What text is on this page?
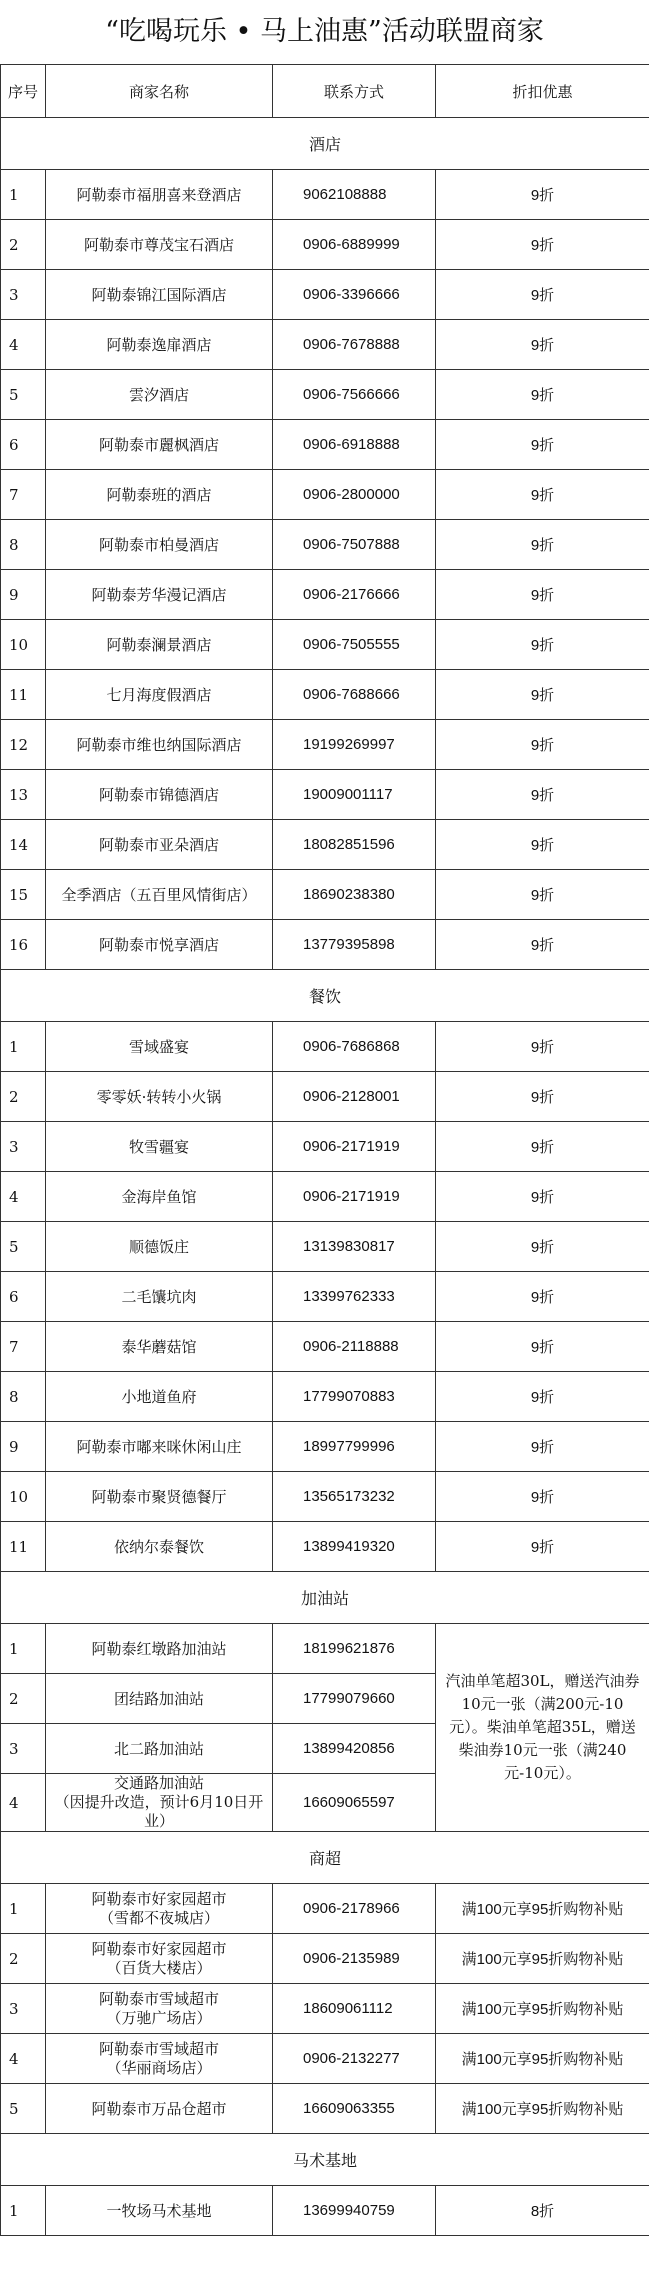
“吃喝玩乐 • 马上油惠”活动联盟商家
序号	商家名称	联系方式	折扣优惠
酒店			
1	阿勒泰市福朋喜来登酒店	9062108888	9折
2	阿勒泰市尊茂宝石酒店	0906-6889999	9折
3	阿勒泰锦江国际酒店	0906-3396666	9折
4	阿勒泰逸扉酒店	0906-7678888	9折
5	雲汐酒店	0906-7566666	9折
6	阿勒泰市麗枫酒店	0906-6918888	9折
7	阿勒泰班的酒店	0906-2800000	9折
8	阿勒泰市柏曼酒店	0906-7507888	9折
9	阿勒泰芳华漫记酒店	0906-2176666	9折
10	阿勒泰澜景酒店	0906-7505555	9折
11	七月海度假酒店	0906-7688666	9折
12	阿勒泰市维也纳国际酒店	19199269997	9折
13	阿勒泰市锦德酒店	19009001117	9折
14	阿勒泰市亚朵酒店	18082851596	9折
15	全季酒店（五百里风情街店）	18690238380	9折
16	阿勒泰市悦享酒店	13779395898	9折
餐饮			
1	雪域盛宴	0906-7686868	9折
2	零零妖·转转小火锅	0906-2128001	9折
3	牧雪疆宴	0906-2171919	9折
4	金海岸鱼馆	0906-2171919	9折
5	顺德饭庄	13139830817	9折
6	二毛馕坑肉	13399762333	9折
7	泰华蘑菇馆	0906-2118888	9折
8	小地道鱼府	17799070883	9折
9	阿勒泰市嘟来咪休闲山庄	18997799996	9折
10	阿勒泰市聚贤德餐厅	13565173232	9折
11	依纳尔泰餐饮	13899419320	9折
加油站			
1	阿勒泰红墩路加油站	18199621876	汽油单笔超30L，赠送汽油券10元一张（满200元-10元）。柴油单笔超35L，赠送柴油券10元一张（满240元-10元）。

2	团结路加油站	17799079660	
3	北二路加油站	13899420856	
4	交通路加油站
（因提升改造，预计6月10日开业）	16609065597	
商超			
1	阿勒泰市好家园超市
（雪都不夜城店）	0906-2178966	满100元享95折购物补贴
2	阿勒泰市好家园超市
（百货大楼店）	0906-2135989	满100元享95折购物补贴
3	阿勒泰市雪域超市
（万驰广场店）	18609061112	满100元享95折购物补贴
4	阿勒泰市雪域超市
（华丽商场店）	0906-2132277	满100元享95折购物补贴
5	阿勒泰市万品仓超市	16609063355	满100元享95折购物补贴
马术基地			
1	一牧场马术基地	13699940759	8折
